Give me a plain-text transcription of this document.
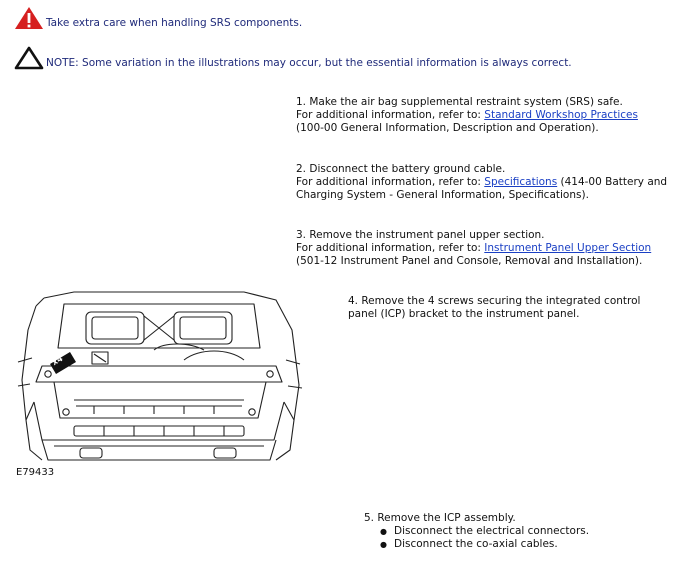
Take extra care when handling SRS components.
NOTE: Some variation in the illustrations may occur, but the essential information is always correct.
1. Make the air bag supplemental restraint system (SRS) safe.
For additional information, refer to: Standard Workshop Practices
(100-00 General Information, Description and Operation).
2. Disconnect the battery ground cable.
For additional information, refer to: Specifications (414-00 Battery and
Charging System - General Information, Specifications).
3. Remove the instrument panel upper section.
For additional information, refer to: Instrument Panel Upper Section
(501-12 Instrument Panel and Console, Removal and Installation).
4. Remove the 4 screws securing the integrated control
panel (ICP) bracket to the instrument panel.
x4
E79433
5. Remove the ICP assembly.
● Disconnect the electrical connectors.
● Disconnect the co-axial cables.
